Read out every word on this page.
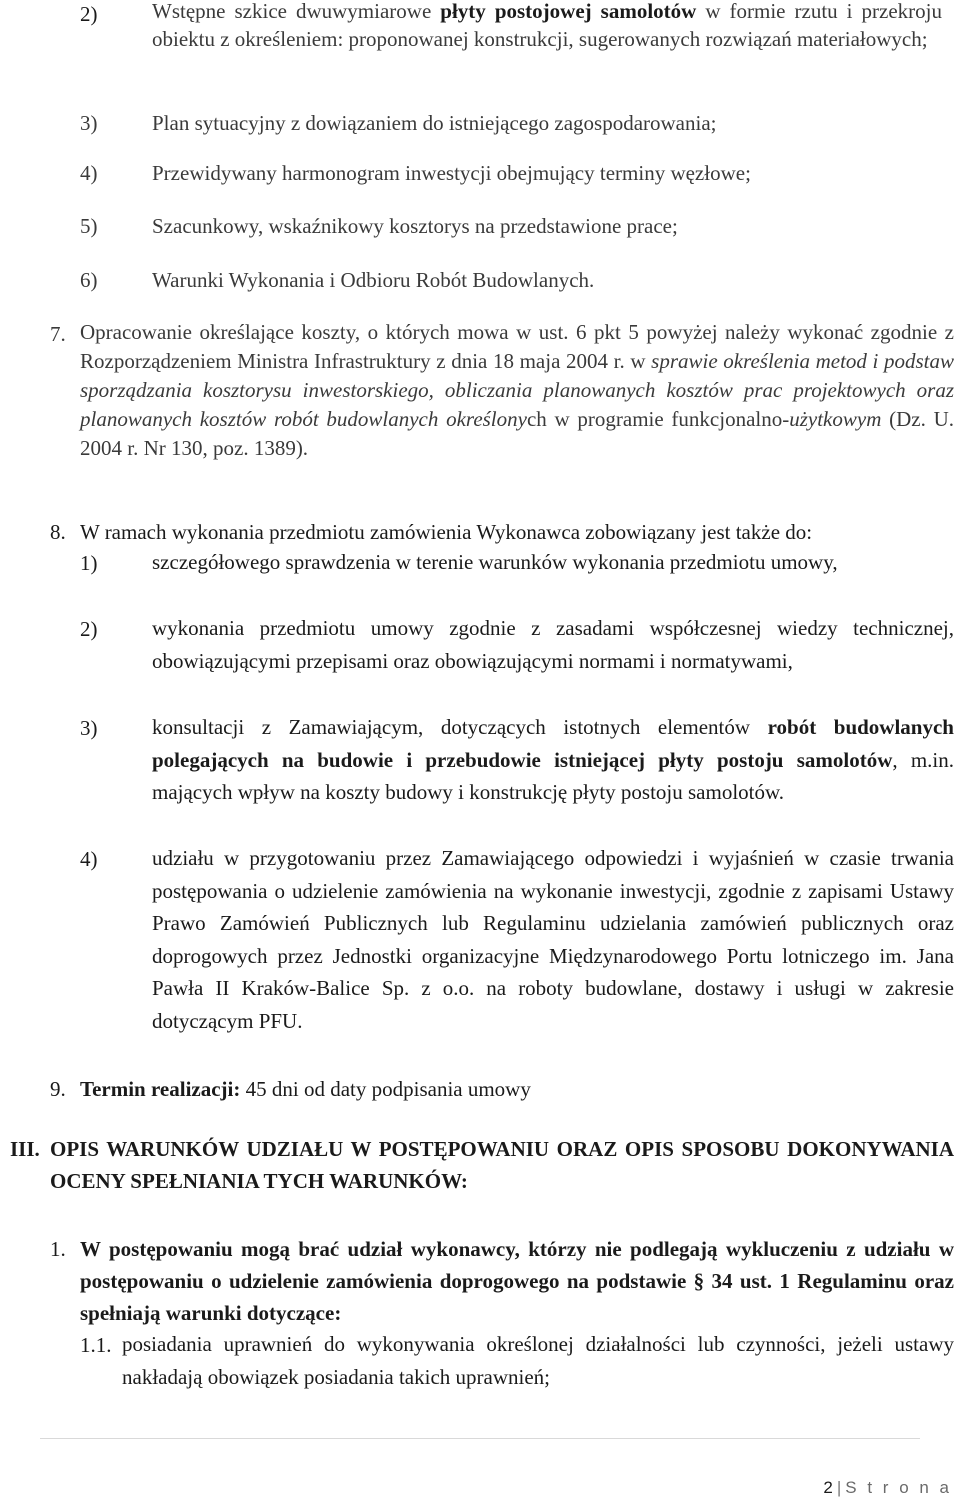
2)	Wstępne szkice dwuwymiarowe płyty postojowej samolotów w formie rzutu i przekroju obiektu z określeniem: proponowanej konstrukcji, sugerowanych rozwiązań materiałowych;
3)	Plan sytuacyjny z dowiązaniem do istniejącego zagospodarowania;
4)	Przewidywany harmonogram inwestycji obejmujący terminy węzłowe;
5)	Szacunkowy, wskaźnikowy kosztorys na przedstawione prace;
6)	Warunki Wykonania i Odbioru Robót Budowlanych.
7. Opracowanie określające koszty, o których mowa w ust. 6 pkt 5 powyżej należy wykonać zgodnie z Rozporządzeniem Ministra Infrastruktury z dnia 18 maja 2004 r. w sprawie określenia metod i podstaw sporządzania kosztorysu inwestorskiego, obliczania planowanych kosztów prac projektowych oraz planowanych kosztów robót budowlanych określonych w programie funkcjonalno-użytkowym (Dz. U. 2004 r. Nr 130, poz. 1389).
8. W ramach wykonania przedmiotu zamówienia Wykonawca zobowiązany jest także do:
1)	szczegółowego sprawdzenia w terenie warunków wykonania przedmiotu umowy,
2)	wykonania przedmiotu umowy zgodnie z zasadami współczesnej wiedzy technicznej, obowiązującymi przepisami oraz obowiązującymi normami i normatywami,
3)	konsultacji z Zamawiającym, dotyczących istotnych elementów robót budowlanych polegających na budowie i przebudowie istniejącej płyty postoju samolotów, m.in. mających wpływ na koszty budowy i konstrukcję płyty postoju samolotów.
4)	udziału w przygotowaniu przez Zamawiającego odpowiedzi i wyjaśnień w czasie trwania postępowania o udzielenie zamówienia na wykonanie inwestycji, zgodnie z zapisami Ustawy Prawo Zamówień Publicznych lub Regulaminu udzielania zamówień publicznych oraz doprogowych przez Jednostki organizacyjne Międzynarodowego Portu lotniczego im. Jana Pawła II Kraków-Balice Sp. z o.o. na roboty budowlane, dostawy i usługi w zakresie dotyczącym PFU.
9. Termin realizacji: 45 dni od daty podpisania umowy
III. OPIS WARUNKÓW UDZIAŁU W POSTĘPOWANIU ORAZ OPIS SPOSOBU DOKONYWANIA OCENY SPEŁNIANIA TYCH WARUNKÓW:
1. W postępowaniu mogą brać udział wykonawcy, którzy nie podlegają wykluczeniu z udziału w postępowaniu o udzielenie zamówienia doprogowego na podstawie § 34 ust. 1 Regulaminu oraz spełniają warunki dotyczące:
1.1. posiadania uprawnień do wykonywania określonej działalności lub czynności, jeżeli ustawy nakładają obowiązek posiadania takich uprawnień;
2 | S t r o n a
